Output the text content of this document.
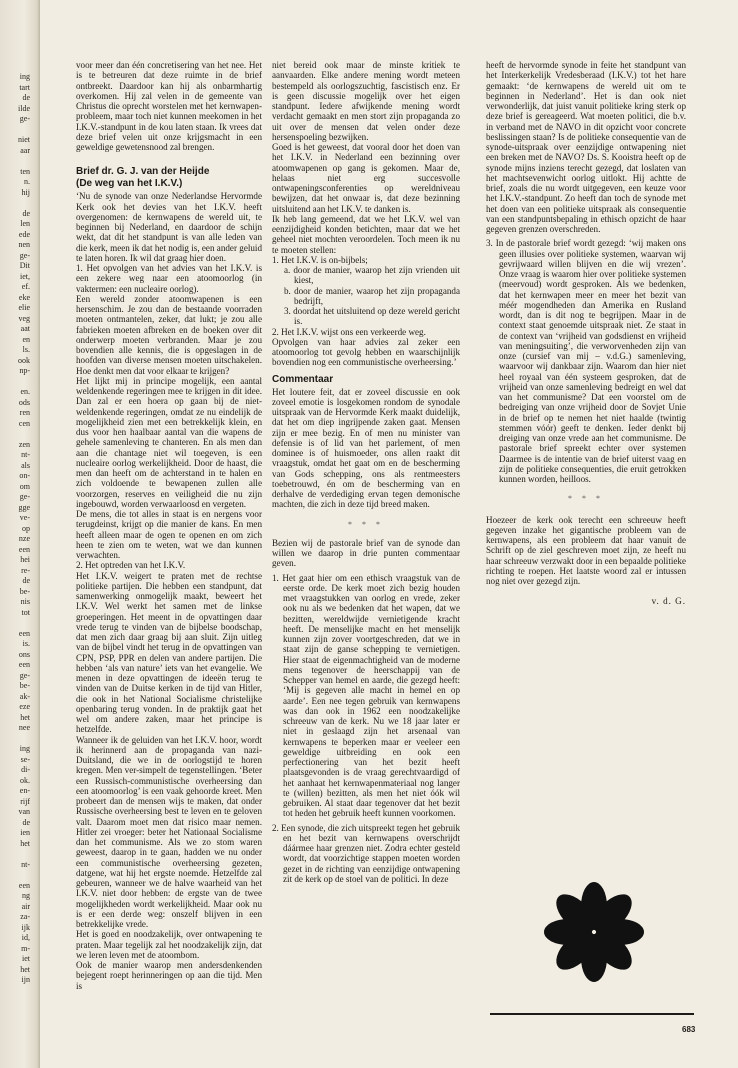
ing
tart
de
ilde
ge-
niet
aar
ten
n.
hij
de
len
ede
nen
ge-
Dit
iet,
ef.
eke
elie
veg
aat
en
ls.
ook
np-
en.
ods
ren
cen
zen
nt-
als
on-
om
ge-
gge
ve-
op
nze
een
hei
re-
de
be-
nis
tot
een
is.
ons
een
ge-
be-
ak-
eze
het
nee
ing
se-
di-
ok.
en-
rijf
van
de
ien
het
nt-
een
ng
air
za-
ijk
id,
m-
iet
het
ijn

voor meer dan één concretisering van het nee. Het is te betreuren dat deze ruimte in de brief ontbreekt. Daardoor kan hij als onbarmhartig overkomen. Hij zal velen in de gemeente van Christus die oprecht worstelen met het kernwapen-probleem, maar toch niet kunnen meekomen in het I.K.V.-standpunt in de kou laten staan. Ik vrees dat deze brief velen uit onze krijgsmacht in een geweldige gewetensnood zal brengen.

Brief dr. G. J. van der Heijde
(De weg van het I.K.V.)

‘Nu de synode van onze Nederlandse Hervormde Kerk ook het devies van het I.K.V. heeft overgenomen: de kernwapens de wereld uit, te beginnen bij Nederland, en daardoor de schijn wekt, dat dit het standpunt is van alle leden van die kerk, meen ik dat het nodig is, een ander geluid te laten horen. Ik wil dat graag hier doen.

1. Het opvolgen van het advies van het I.K.V. is een zekere weg naar een atoomoorlog (in vaktermen: een nucleaire oorlog).

Een wereld zonder atoomwapenen is een hersenschim. Je zou dan de bestaande voorraden moeten ontmantelen, zeker, dat lukt; je zou alle fabrieken moeten afbreken en de boeken over dit onderwerp moeten verbranden. Maar je zou bovendien alle kennis, die is opgeslagen in de hoofden van diverse mensen moeten uitschakelen. Hoe denkt men dat voor elkaar te krijgen?

Het lijkt mij in principe mogelijk, een aantal weldenkende regeringen mee te krijgen in dit idee. Dan zal er een hoera op gaan bij de niet-weldenkende regeringen, omdat ze nu eindelijk de mogelijkheid zien met een betrekkelijk klein, en dus voor hen haalbaar aantal van die wapens de gehele samenleving te chanteren. En als men dan aan die chantage niet wil toegeven, is een nucleaire oorlog werkelijkheid. Door de haast, die men dan heeft om de achterstand in te halen en zich voldoende te bewapenen zullen alle voorzorgen, reserves en veiligheid die nu zijn ingebouwd, worden verwaarloosd en vergeten.

De mens, die tot alles in staat is en nergens voor terugdeinst, krijgt op die manier de kans. En men heeft alleen maar de ogen te openen en om zich heen te zien om te weten, wat we dan kunnen verwachten.

2. Het optreden van het I.K.V.

Het I.K.V. weigert te praten met de rechtse politieke partijen. Die hebben een standpunt, dat samenwerking onmogelijk maakt, beweert het I.K.V. Wel werkt het samen met de linkse groeperingen. Het meent in de opvattingen daar vrede terug te vinden van de bijbelse boodschap, dat men zich daar graag bij aan sluit. Zijn uitleg van de bijbel vindt het terug in de opvattingen van CPN, PSP, PPR en delen van andere partijen. Die hebben ‘als van nature’ iets van het evangelie. We menen in deze opvattingen de ideeën terug te vinden van de Duitse kerken in de tijd van Hitler, die ook in het National Socialisme christelijke openbaring terug vonden. In de praktijk gaat het wel om andere zaken, maar het principe is hetzelfde.

Wanneer ik de geluiden van het I.K.V. hoor, wordt ik herinnerd aan de propaganda van nazi-Duitsland, die we in de oorlogstijd te horen kregen. Men ver-simpelt de tegenstellingen. ‘Beter een Russisch-communistische overheersing dan een atoomoorlog’ is een vaak gehoorde kreet. Men probeert dan de mensen wijs te maken, dat onder Russische overheersing best te leven en te geloven valt. Daarom moet men dat risico maar nemen. Hitler zei vroeger: beter het Nationaal Socialisme dan het communisme. Als we zo stom waren geweest, daarop in te gaan, hadden we nu onder een communistische overheersing gezeten, datgene, wat hij het ergste noemde. Hetzelfde zal gebeuren, wanneer we de halve waarheid van het I.K.V. niet door hebben: de ergste van de twee mogelijkheden wordt werkelijkheid. Maar ook nu is er een derde weg: onszelf blijven in een betrekkelijke vrede.

Het is goed en noodzakelijk, over ontwapening te praten. Maar tegelijk zal het noodzakelijk zijn, dat we leren leven met de atoombom.

Ook de manier waarop men andersdenkenden bejegent roept herinneringen op aan die tijd. Men is

niet bereid ook maar de minste kritiek te aanvaarden. Elke andere mening wordt meteen bestempeld als oorlogszuchtig, fascistisch enz. Er is geen discussie mogelijk over het eigen standpunt. Iedere afwijkende mening wordt verdacht gemaakt en men stort zijn propaganda zo uit over de mensen dat velen onder deze hersenspoeling bezwijken.

Goed is het geweest, dat vooral door het doen van het I.K.V. in Nederland een bezinning over atoomwapenen op gang is gekomen. Maar de, helaas niet erg succesvolle ontwapeningsconferenties op wereldniveau bewijzen, dat het onwaar is, dat deze bezinning uitsluitend aan het I.K.V. te danken is.

Ik heb lang gemeend, dat we het I.K.V. wel van eenzijdigheid konden betichten, maar dat we het geheel niet mochten veroordelen. Toch meen ik nu te moeten stellen:

1. Het I.K.V. is on-bijbels;

a. door de manier, waarop het zijn vrienden uit kiest,

b. door de manier, waarop het zijn propaganda bedrijft,

3. doordat het uitsluitend op deze wereld gericht is.

2. Het I.K.V. wijst ons een verkeerde weg.

Opvolgen van haar advies zal zeker een atoomoorlog tot gevolg hebben en waarschijnlijk bovendien nog een communistische overheersing.’

Commentaar

Het loutere feit, dat er zoveel discussie en ook zoveel emotie is losgekomen rondom de synodale uitspraak van de Hervormde Kerk maakt duidelijk, dat het om diep ingrijpende zaken gaat. Mensen zijn er mee bezig. En of men nu minister van defensie is of lid van het parlement, of men dominee is of huismoeder, ons allen raakt dit vraagstuk, omdat het gaat om en de bescherming van Gods schepping, ons als rentmeesters toebetrouwd, én om de bescherming van en derhalve de verdediging ervan tegen demonische machten, die zich in deze tijd breed maken.

* * *

Bezien wij de pastorale brief van de synode dan willen we daarop in drie punten commentaar geven.

1. Het gaat hier om een ethisch vraagstuk van de eerste orde. De kerk moet zich bezig houden met vraagstukken van oorlog en vrede, zeker ook nu als we bedenken dat het wapen, dat we bezitten, wereldwijde vernietigende kracht heeft. De menselijke macht en het menselijk kunnen zijn zover voortgeschreden, dat we in staat zijn de ganse schepping te vernietigen. Hier staat de eigenmachtigheid van de moderne mens tegenover de heerschappij van de Schepper van hemel en aarde, die gezegd heeft: ‘Mij is gegeven alle macht in hemel en op aarde’. Een nee tegen gebruik van kernwapens was dan ook in 1962 een noodzakelijke schreeuw van de kerk. Nu we 18 jaar later er niet in geslaagd zijn het arsenaal van kernwapens te beperken maar er veeleer een geweldige uitbreiding en ook een perfectionering van het bezit heeft plaatsgevonden is de vraag gerechtvaardigd of het aanhaat het kernwapenmateriaal nog langer te (willen) bezitten, als men het niet óók wil gebruiken. Al staat daar tegenover dat het bezit tot heden het gebruik heeft kunnen voorkomen.

2. Een synode, die zich uitspreekt tegen het gebruik en het bezit van kernwapens overschrijdt dáármee haar grenzen niet. Zodra echter gesteld wordt, dat voorzichtige stappen moeten worden gezet in de richting van eenzijdige ontwapening zit de kerk op de stoel van de politici. In deze

heeft de hervormde synode in feite het standpunt van het Interkerkelijk Vredesberaad (I.K.V.) tot het hare gemaakt: ‘de kernwapens de wereld uit om te beginnen in Nederland’. Het is dan ook niet verwonderlijk, dat juist vanuit politieke kring sterk op deze brief is gereageerd. Wat moeten politici, die b.v. in verband met de NAVO in dit opzicht voor concrete beslissingen staan? Is de politieke consequentie van de synode-uitspraak over eenzijdige ontwapening niet een breken met de NAVO? Ds. S. Kooistra heeft op de synode mijns inziens terecht gezegd, dat loslaten van het machtsevenwicht oorlog uitlokt. Hij achtte de brief, zoals die nu wordt uitgegeven, een keuze voor het I.K.V.-standpunt. Zo heeft dan toch de synode met het doen van een politieke uitspraak als consequentie van een standpuntsbepaling in ethisch opzicht de haar gegeven grenzen overschreden.

3. In de pastorale brief wordt gezegd: ‘wij maken ons geen illusies over politieke systemen, waarvan wij gevrijwaard willen blijven en die wij vrezen’. Onze vraag is waarom hier over politieke systemen (meervoud) wordt gesproken. Als we bedenken, dat het kernwapen meer en meer het bezit van méér mogendheden dan Amerika en Rusland wordt, dan is dit nog te begrijpen. Maar in de context staat genoemde uitspraak niet. Ze staat in de context van ‘vrijheid van godsdienst en vrijheid van meningsuiting’, die verworvenheden zijn van onze (cursief van mij – v.d.G.) samenleving, waarvoor wij dankbaar zijn. Waarom dan hier niet heel royaal van één systeem gesproken, dat de vrijheid van onze samenleving bedreigt en wel dat van het communisme? Dat een voorstel om de bedreiging van onze vrijheid door de Sovjet Unie in de brief op te nemen het niet haalde (twintig stemmen vóór) geeft te denken. Ieder denkt bij dreiging van onze vrede aan het communisme. De pastorale brief spreekt echter over systemen Daarmee is de intentie van de brief uiterst vaag en zijn de politieke consequenties, die eruit getrokken kunnen worden, heilloos.

* * *

Hoezeer de kerk ook terecht een schreeuw heeft gegeven inzake het gigantische probleem van de kernwapens, als een probleem dat haar vanuit de Schrift op de ziel geschreven moet zijn, ze heeft nu haar schreeuw verzwakt door in een bepaalde politieke richting te roepen. Het laatste woord zal er intussen nog niet over gezegd zijn.

v. d. G.

683
